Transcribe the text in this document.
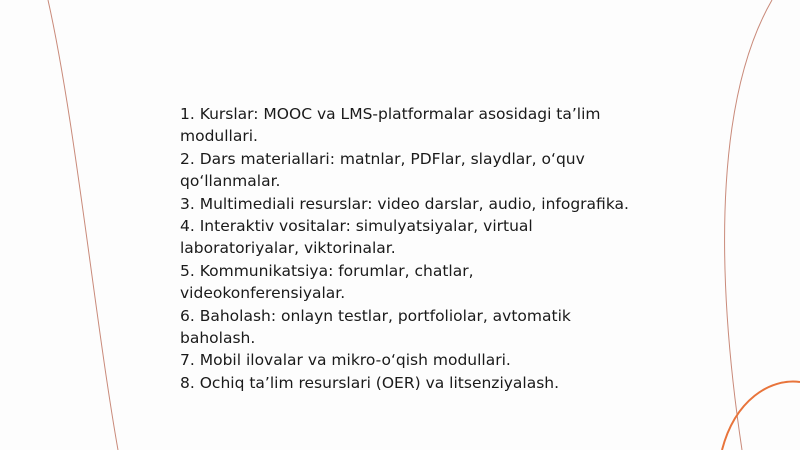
1. Kurslar: MOOC va LMS-platformalar asosidagi ta’lim modullari.

2. Dars materiallari: matnlar, PDFlar, slaydlar, o‘quv qo‘llanmalar.

3. Multimediali resurslar: video darslar, audio, infografika.

4. Interaktiv vositalar: simulyatsiyalar, virtual laboratoriyalar, viktorinalar.

5. Kommunikatsiya: forumlar, chatlar, videokonferensiyalar.

6. Baholash: onlayn testlar, portfoliolar, avtomatik baholash.

7. Mobil ilovalar va mikro-o‘qish modullari.

8. Ochiq ta’lim resurslari (OER) va litsenziyalash.
